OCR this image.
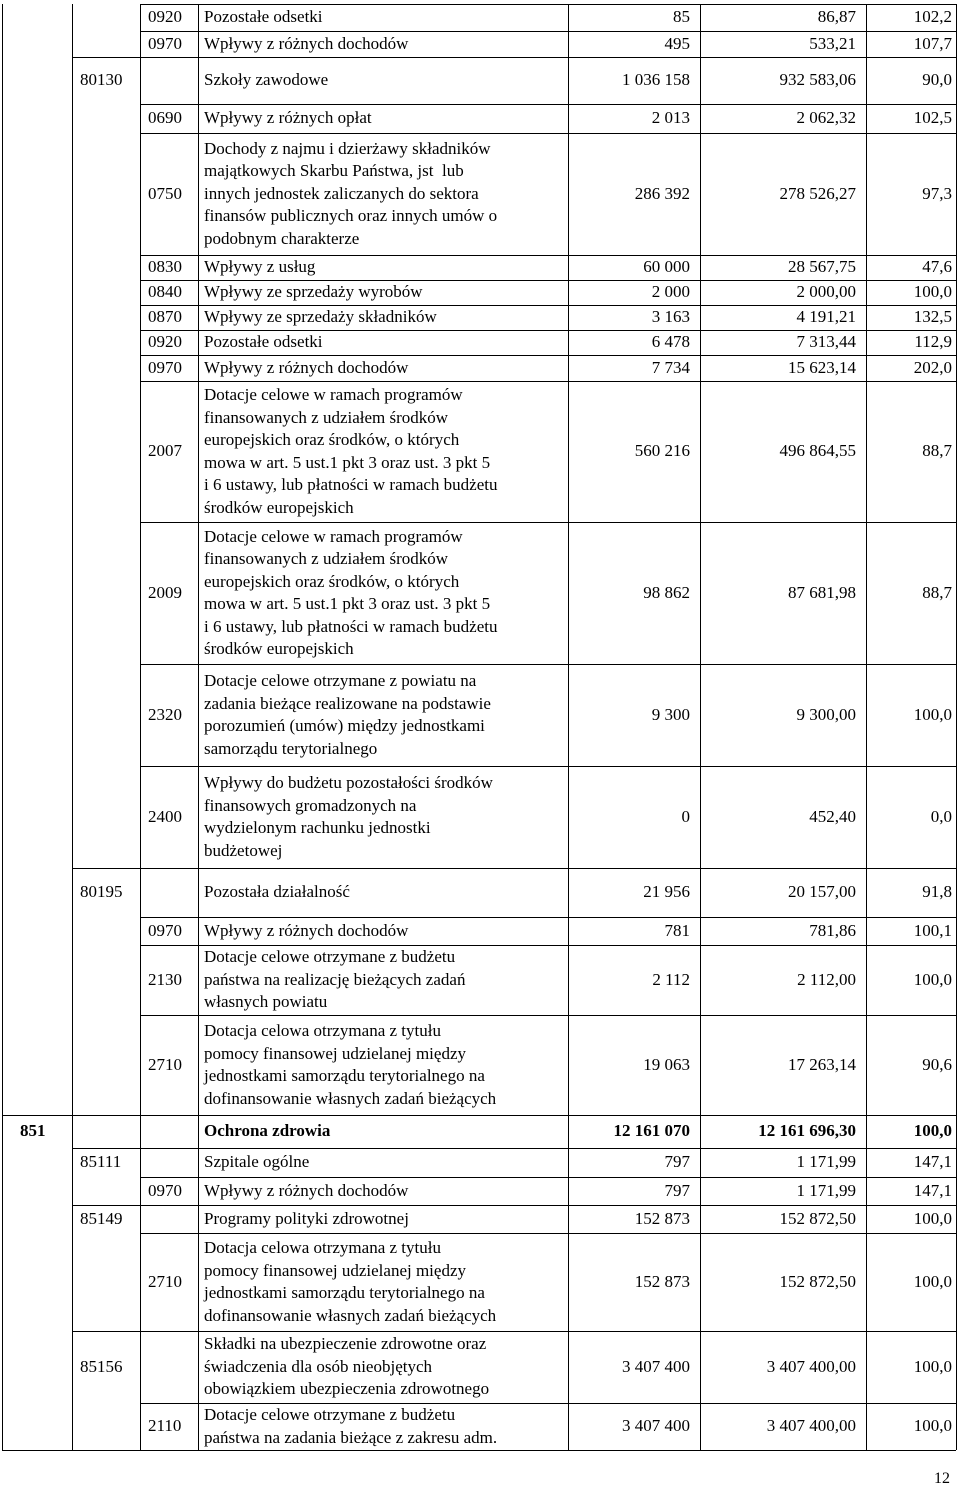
0920 Pozostałe odsetki	85	86,87	102,2
0970 Wpływy z różnych dochodów	495	533,21	107,7
80130	Szkoły zawodowe	1 036 158	932 583,06	90,0
0690 Wpływy z różnych opłat	2 013	2 062,32	102,5
0750
Dochody z najmu i dzierżawy składników
majątkowych Skarbu Państwa, jst  lub
innych jednostek zaliczanych do sektora
finansów publicznych oraz innych umów o
podobnym charakterze
286 392	278 526,27	97,3
0830 Wpływy z usług	60 000	28 567,75	47,6
0840 Wpływy ze sprzedaży wyrobów	2 000	2 000,00	100,0
0870 Wpływy ze sprzedaży składników	3 163	4 191,21	132,5
0920 Pozostałe odsetki	6 478	7 313,44	112,9
0970 Wpływy z różnych dochodów	7 734	15 623,14	202,0
2007
Dotacje celowe w ramach programów
finansowanych z udziałem środków
europejskich oraz środków, o których
mowa w art. 5 ust.1 pkt 3 oraz ust. 3 pkt 5
i 6 ustawy, lub płatności w ramach budżetu
środków europejskich
560 216	496 864,55	88,7
2009
Dotacje celowe w ramach programów
finansowanych z udziałem środków
europejskich oraz środków, o których
mowa w art. 5 ust.1 pkt 3 oraz ust. 3 pkt 5
i 6 ustawy, lub płatności w ramach budżetu
środków europejskich
98 862	87 681,98	88,7
2320
Dotacje celowe otrzymane z powiatu na
zadania bieżące realizowane na podstawie
porozumień (umów) między jednostkami
samorządu terytorialnego
9 300	9 300,00	100,0
2400
Wpływy do budżetu pozostałości środków
finansowych gromadzonych na
wydzielonym rachunku jednostki
budżetowej
0	452,40	0,0
80195	Pozostała działalność	21 956	20 157,00	91,8
0970 Wpływy z różnych dochodów	781	781,86	100,1
2130
Dotacje celowe otrzymane z budżetu
państwa na realizację bieżących zadań
własnych powiatu
2 112	2 112,00	100,0
2710
Dotacja celowa otrzymana z tytułu
pomocy finansowej udzielanej między
jednostkami samorządu terytorialnego na
dofinansowanie własnych zadań bieżących
19 063	17 263,14	90,6
851	Ochrona zdrowia	12 161 070	12 161 696,30	100,0
85111	Szpitale ogólne	797	1 171,99	147,1
0970 Wpływy z różnych dochodów	797	1 171,99	147,1
85149	Programy polityki zdrowotnej	152 873	152 872,50	100,0
2710
Dotacja celowa otrzymana z tytułu
pomocy finansowej udzielanej między
jednostkami samorządu terytorialnego na
dofinansowanie własnych zadań bieżących
152 873	152 872,50	100,0
85156
Składki na ubezpieczenie zdrowotne oraz
świadczenia dla osób nieobjętych
obowiązkiem ubezpieczenia zdrowotnego
3 407 400	3 407 400,00	100,0
2110
Dotacje celowe otrzymane z budżetu
państwa na zadania bieżące z zakresu adm.
3 407 400	3 407 400,00	100,0
12
